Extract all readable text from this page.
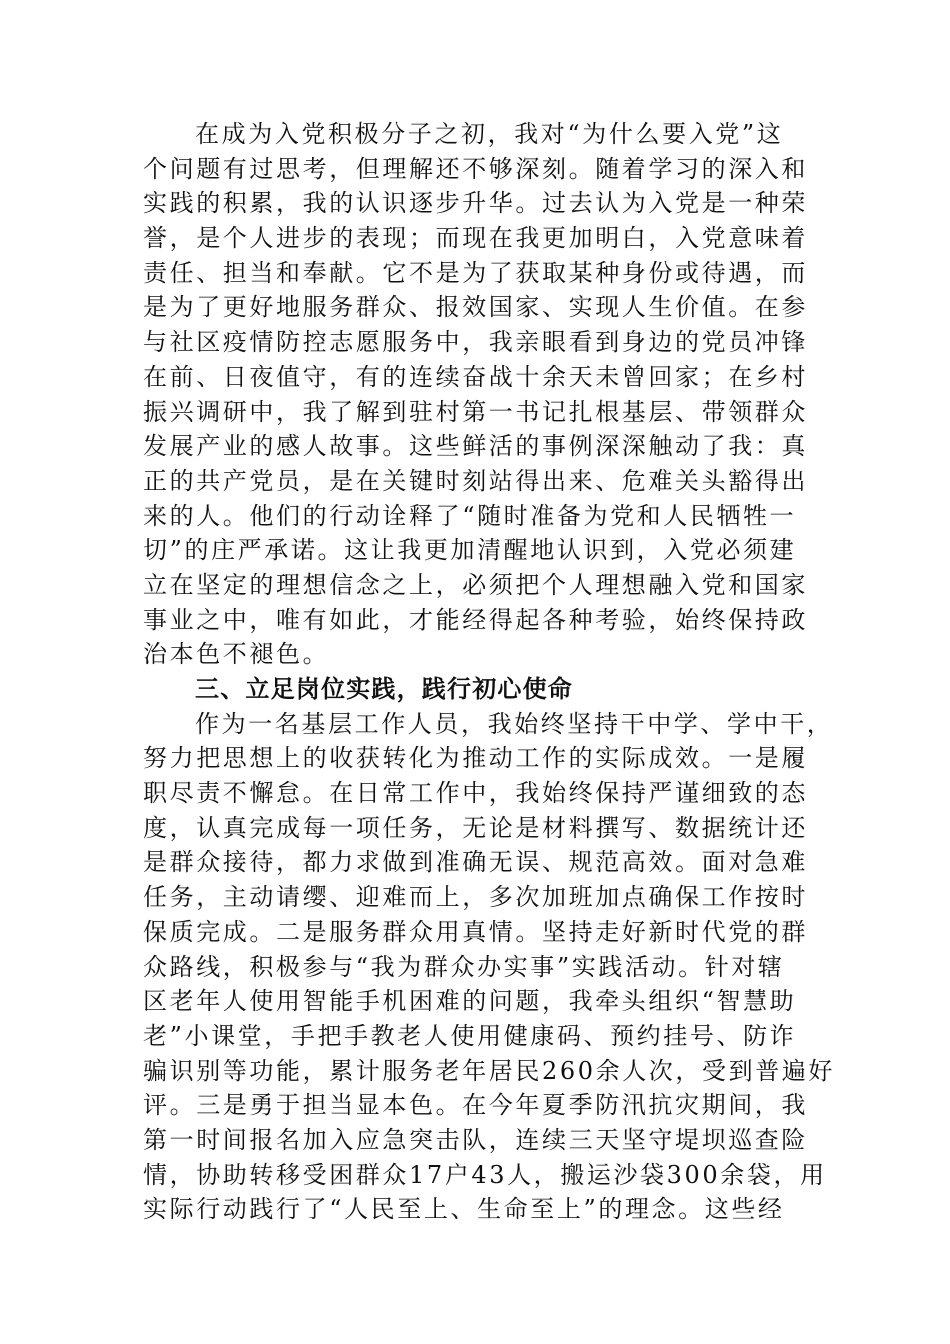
在成为入党积极分子之初，我对“为什么要入党”这
个问题有过思考，但理解还不够深刻。随着学习的深入和
实践的积累，我的认识逐步升华。过去认为入党是一种荣
誉，是个人进步的表现；而现在我更加明白，入党意味着
责任、担当和奉献。它不是为了获取某种身份或待遇，而
是为了更好地服务群众、报效国家、实现人生价值。在参
与社区疫情防控志愿服务中，我亲眼看到身边的党员冲锋
在前、日夜值守，有的连续奋战十余天未曾回家；在乡村
振兴调研中，我了解到驻村第一书记扎根基层、带领群众
发展产业的感人故事。这些鲜活的事例深深触动了我：真
正的共产党员，是在关键时刻站得出来、危难关头豁得出
来的人。他们的行动诠释了“随时准备为党和人民牺牲一
切”的庄严承诺。这让我更加清醒地认识到，入党必须建
立在坚定的理想信念之上，必须把个人理想融入党和国家
事业之中，唯有如此，才能经得起各种考验，始终保持政
治本色不褪色。
三、立足岗位实践，践行初心使命
作为一名基层工作人员，我始终坚持干中学、学中干，
努力把思想上的收获转化为推动工作的实际成效。一是履
职尽责不懈怠。在日常工作中，我始终保持严谨细致的态
度，认真完成每一项任务，无论是材料撰写、数据统计还
是群众接待，都力求做到准确无误、规范高效。面对急难
任务，主动请缨、迎难而上，多次加班加点确保工作按时
保质完成。二是服务群众用真情。坚持走好新时代党的群
众路线，积极参与“我为群众办实事”实践活动。针对辖
区老年人使用智能手机困难的问题，我牵头组织“智慧助
老”小课堂，手把手教老人使用健康码、预约挂号、防诈
骗识别等功能，累计服务老年居民260余人次，受到普遍好
评。三是勇于担当显本色。在今年夏季防汛抗灾期间，我
第一时间报名加入应急突击队，连续三天坚守堤坝巡查险
情，协助转移受困群众17户43人，搬运沙袋300余袋，用
实际行动践行了“人民至上、生命至上”的理念。这些经
